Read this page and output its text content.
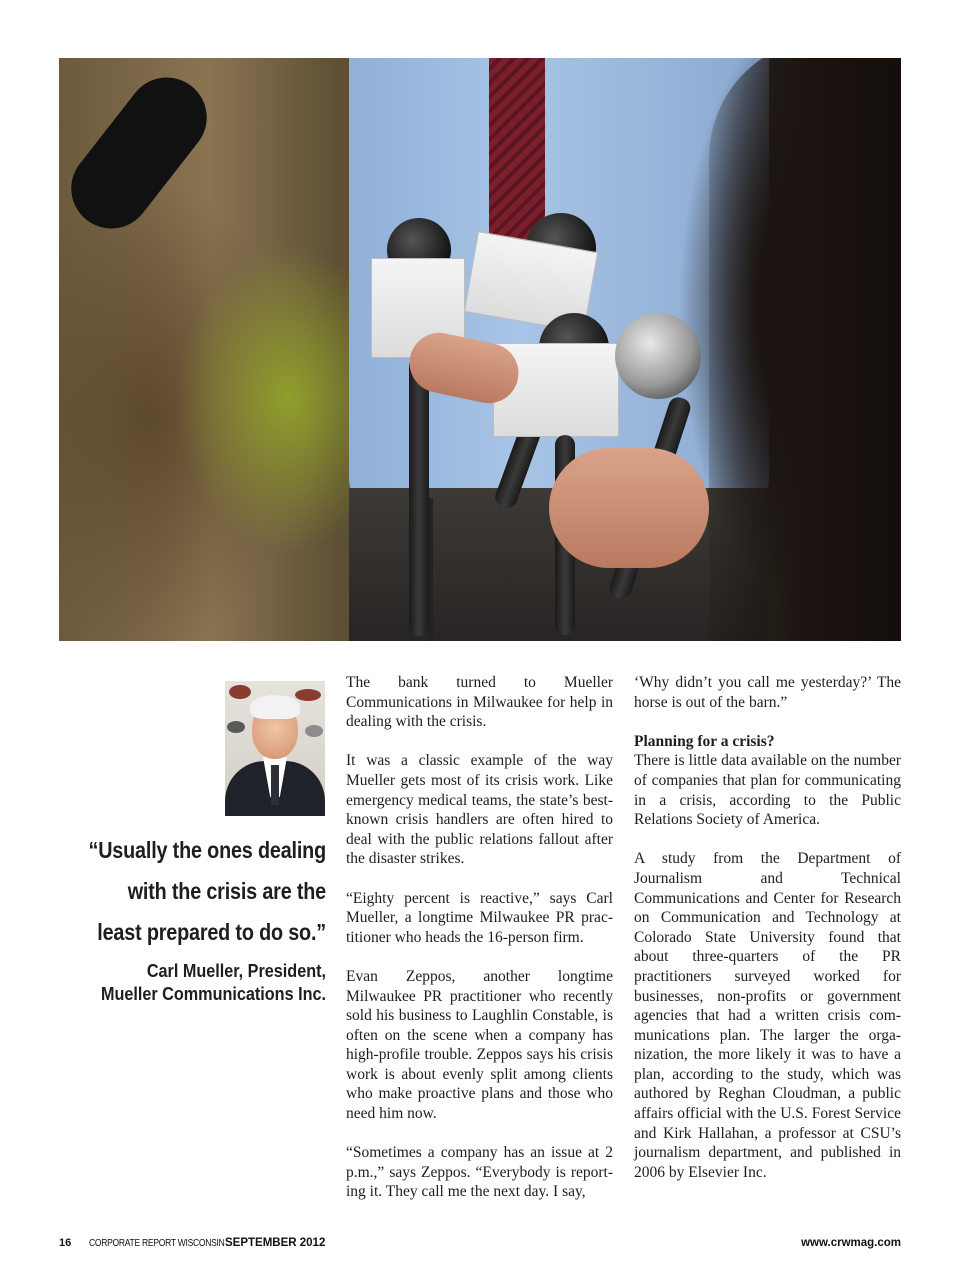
“Usually the ones dealing with the crisis are the least prepared to do so.”
Carl Mueller, President,
Mueller Communications Inc.

The bank turned to Mueller Communications in Milwaukee for help in dealing with the crisis.

It was a classic example of the way Mueller gets most of its crisis work. Like emergency medical teams, the state’s best-known crisis handlers are often hired to deal with the public relations fallout after the disaster strikes.

“Eighty percent is reactive,” says Carl Mueller, a longtime Milwaukee PR practitioner who heads the 16-person firm.

Evan Zeppos, another longtime Milwaukee PR practitioner who recently sold his business to Laughlin Constable, is often on the scene when a company has high-profile trouble. Zeppos says his crisis work is about evenly split among clients who make proactive plans and those who need him now.

“Sometimes a company has an issue at 2 p.m.,” says Zeppos. “Everybody is reporting it. They call me the next day. I say,

‘Why didn’t you call me yesterday?’ The horse is out of the barn.”

Planning for a crisis?

There is little data available on the number of companies that plan for communicating in a crisis, according to the Public Relations Society of America.

A study from the Department of Journalism and Technical Communications and Center for Research on Communication and Technology at Colorado State University found that about three-quarters of the PR practitioners surveyed worked for businesses, non-profits or government agencies that had a written crisis communications plan. The larger the organization, the more likely it was to have a plan, according to the study, which was authored by Reghan Cloudman, a public affairs official with the U.S. Forest Service and Kirk Hallahan, a professor at CSU’s journalism department, and published in 2006 by Elsevier Inc.

16 CORPORATE REPORT WISCONSIN SEPTEMBER 2012	www.crwmag.com
